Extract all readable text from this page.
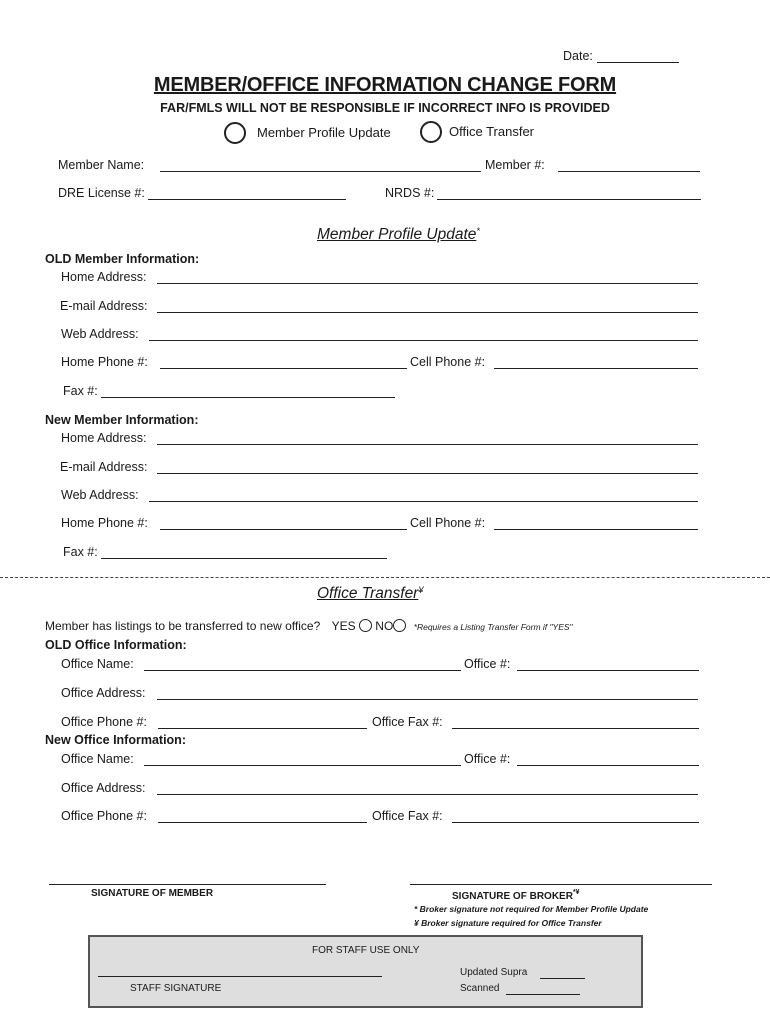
Date:
MEMBER/OFFICE INFORMATION CHANGE FORM
FAR/FMLS WILL NOT BE RESPONSIBLE IF INCORRECT INFO IS PROVIDED
Member Profile Update	Office Transfer
Member Name:	Member #:
DRE License #:	NRDS #:
Member Profile Update*
OLD Member Information:
Home Address:
E-mail Address:
Web Address:
Home Phone #:	Cell Phone #:
Fax #:
New Member Information:
Home Address:
E-mail Address:
Web Address:
Home Phone #:	Cell Phone #:
Fax #:
Office Transfer¥
Member has listings to be transferred to new office? YES NO *Requires a Listing Transfer Form if "YES"
OLD Office Information:
Office Name:	Office #:
Office Address:
Office Phone #:	Office Fax #:
New Office Information:
Office Name:	Office #:
Office Address:
Office Phone #:	Office Fax #:
SIGNATURE OF MEMBER	SIGNATURE OF BROKER*¥
* Broker signature not required for Member Profile Update
¥ Broker signature required for Office Transfer
FOR STAFF USE ONLY
STAFF SIGNATURE
Updated Supra
Scanned
